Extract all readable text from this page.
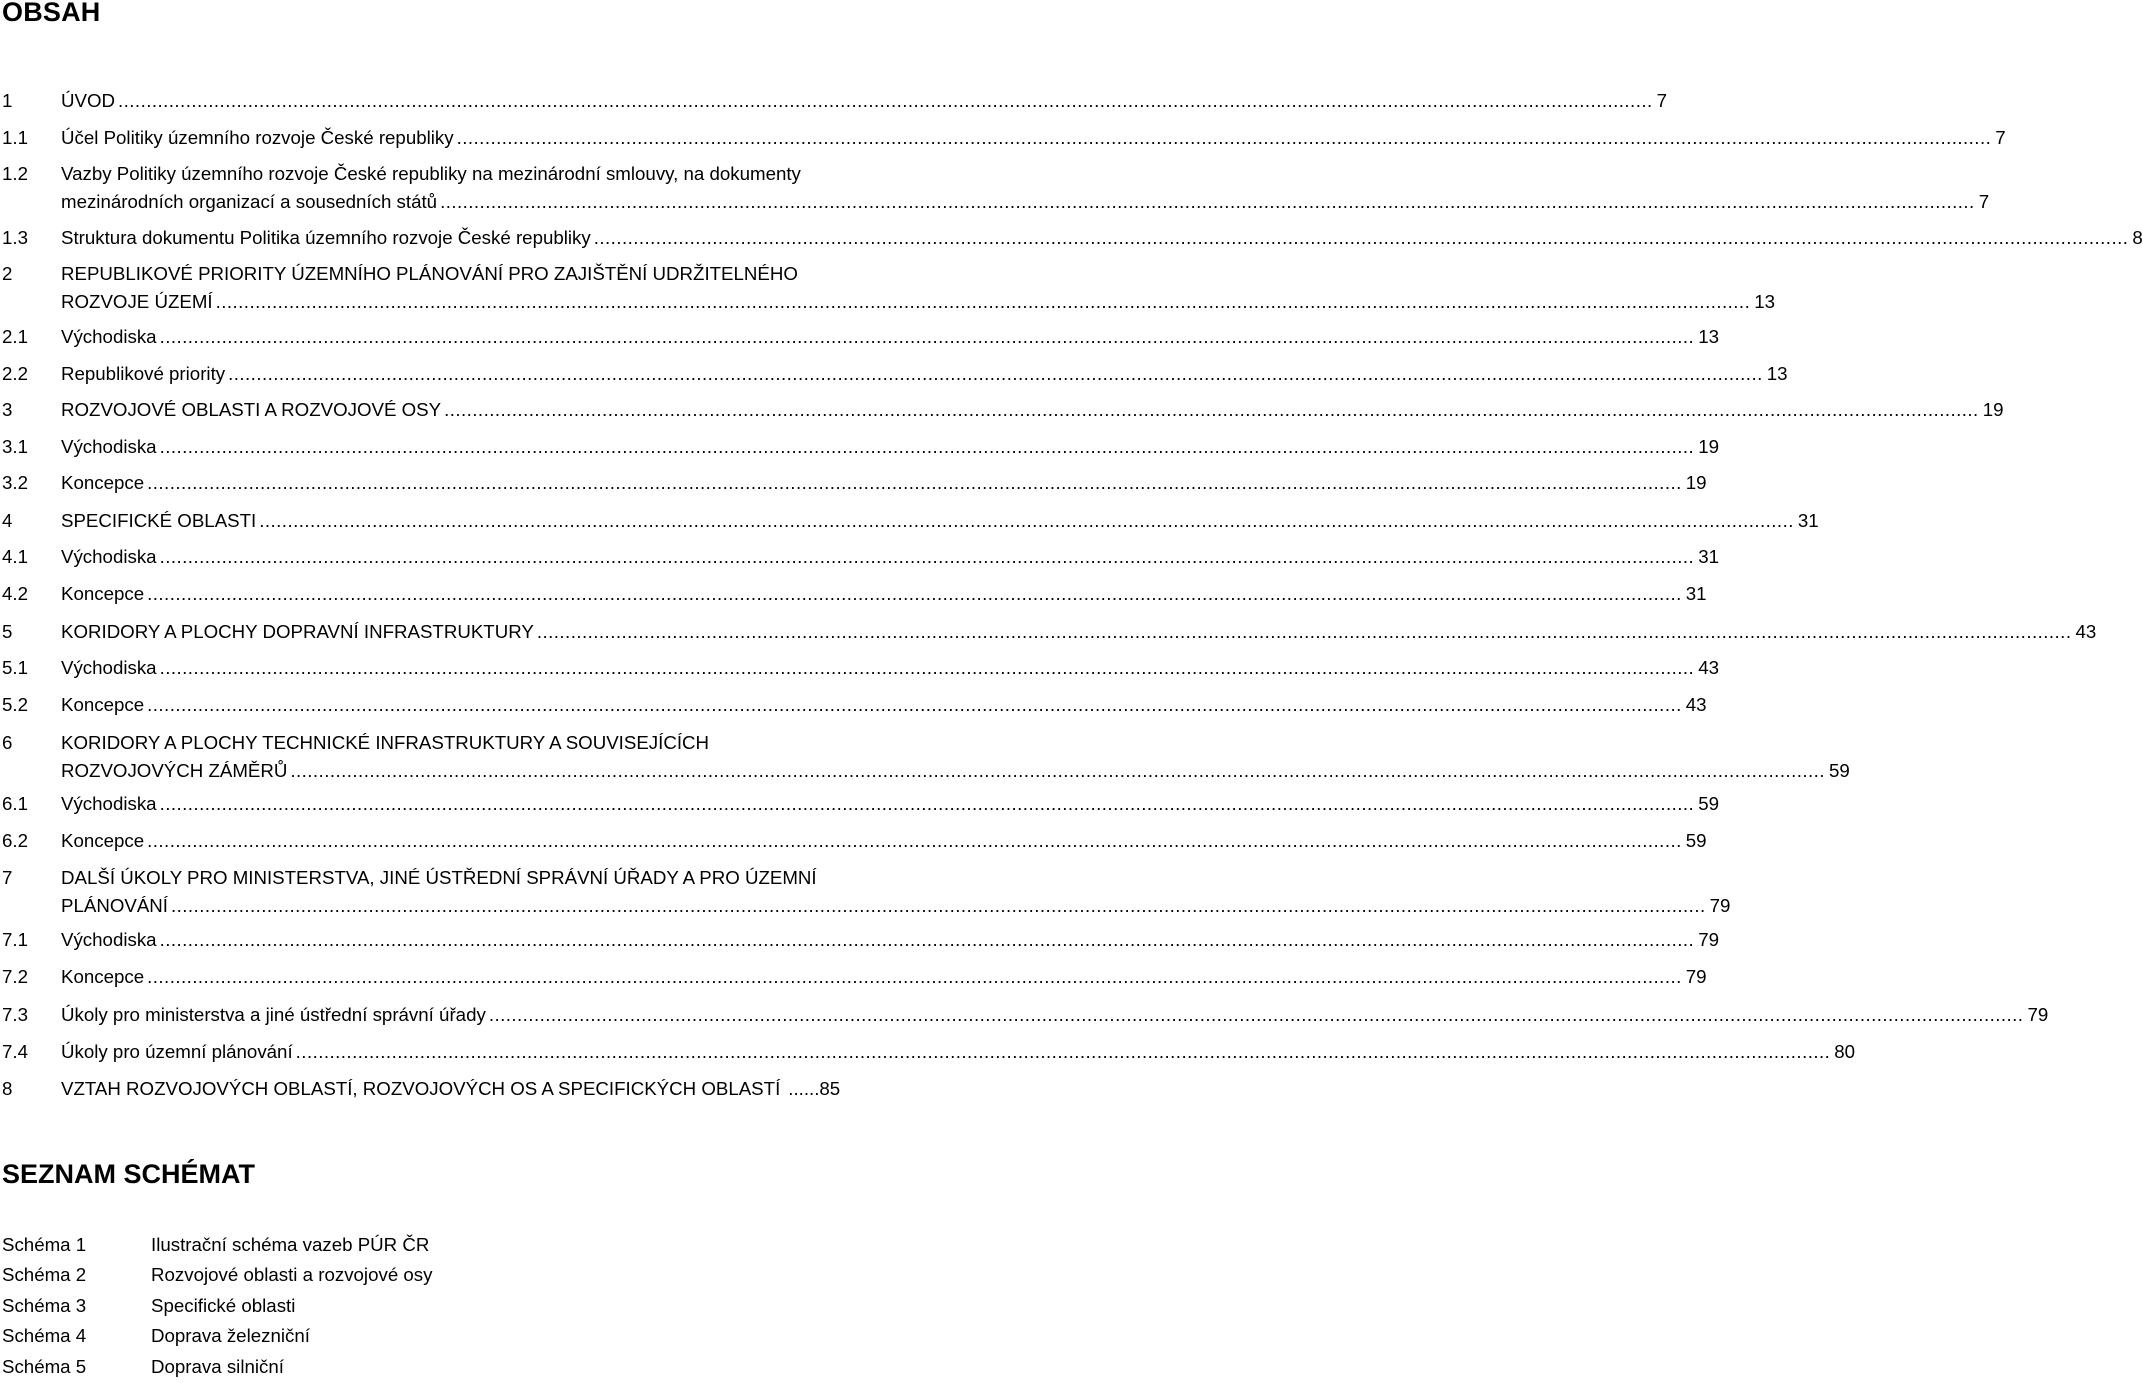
OBSAH
1	ÚVOD .....	7
1.1 Účel Politiky územního rozvoje České republiky .....	7
1.2 Vazby Politiky územního rozvoje České republiky na mezinárodní smlouvy, na dokumenty
mezinárodních organizací a sousedních států .....	7
1.3 Struktura dokumentu Politika územního rozvoje České republiky .....	8
2	REPUBLIKOVÉ PRIORITY ÚZEMNÍHO PLÁNOVÁNÍ PRO ZAJIŠTĚNÍ UDRŽITELNÉHO
ROZVOJE ÚZEMÍ .....	13
2.1 Východiska .....	13
2.2 Republikové priority .....	13
3	ROZVOJOVÉ OBLASTI A ROZVOJOVÉ OSY .....	19
3.1 Východiska .....	19
3.2 Koncepce .....	19
4	SPECIFICKÉ OBLASTI .....	31
4.1 Východiska .....	31
4.2 Koncepce .....	31
5	KORIDORY A PLOCHY DOPRAVNÍ INFRASTRUKTURY .....	43
5.1 Východiska .....	43
5.2 Koncepce .....	43
6	KORIDORY A PLOCHY TECHNICKÉ INFRASTRUKTURY A SOUVISEJÍCÍCH
ROZVOJOVÝCH ZÁMĚRŮ .....	59
6.1 Východiska .....	59
6.2 Koncepce .....	59
7	DALŠÍ ÚKOLY PRO MINISTERSTVA, JINÉ ÚSTŘEDNÍ SPRÁVNÍ ÚŘADY A PRO ÚZEMNÍ
PLÁNOVÁNÍ .....	79
7.1 Východiska .....	79
7.2 Koncepce .....	79
7.3 Úkoly pro ministerstva a jiné ústřední správní úřady .....	79
7.4 Úkoly pro územní plánování .....	80
8	VZTAH ROZVOJOVÝCH OBLASTÍ, ROZVOJOVÝCH OS A SPECIFICKÝCH OBLASTÍ ......85
SEZNAM SCHÉMAT
Schéma 1	Ilustrační schéma vazeb PÚR ČR
Schéma 2	Rozvojové oblasti a rozvojové osy
Schéma 3	Specifické oblasti
Schéma 4	Doprava železniční
Schéma 5	Doprava silniční
